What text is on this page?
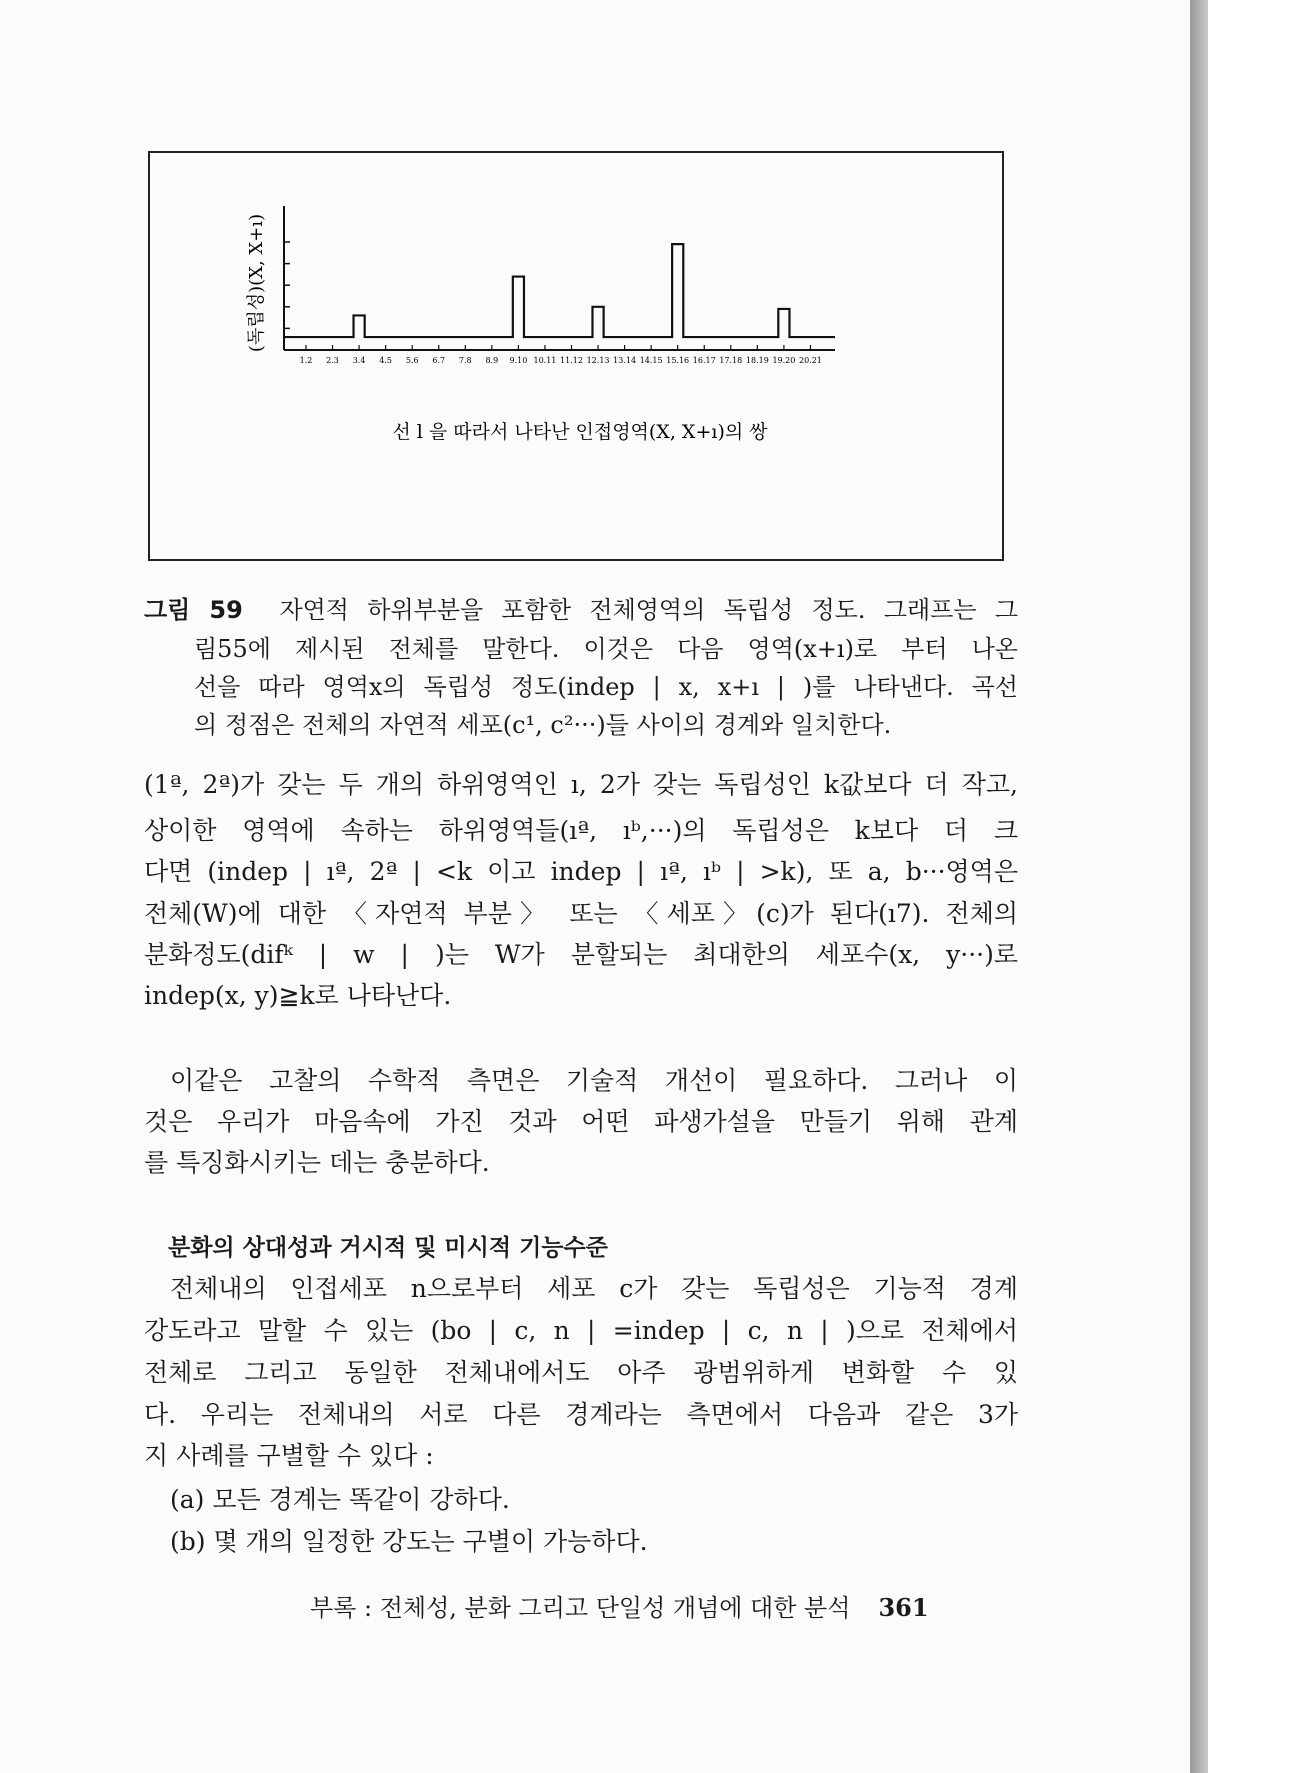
(독립성)(X, X+ı)
1.2 2.3 3.4 4.5 5.6 6.7 7.8 8.9 9.10 10.11 11.12 12.13 13.14 14.15 15.16 16.17 17.18 18.19 19.20 20.21
선 l 을 따라서 나타난 인접영역(X, X+ı)의 쌍
그림 59 자연적 하위부분을 포함한 전체영역의 독립성 정도. 그래프는 그
림55에 제시된 전체를 말한다. 이것은 다음 영역(x+ı)로 부터 나온
선을 따라 영역x의 독립성 정도(indep | x, x+ı | )를 나타낸다. 곡선
의 정점은 전체의 자연적 세포(c¹, c²···)들 사이의 경계와 일치한다.
(1ª, 2ª)가 갖는 두 개의 하위영역인 ı, 2가 갖는 독립성인 k값보다 더 작고,
상이한 영역에 속하는 하위영역들(ıª, ıᵇ,···)의 독립성은 k보다 더 크
다면 (indep | ıª, 2ª | <k 이고 indep | ıª, ıᵇ | >k), 또 a, b···영역은
전체(W)에 대한 〈자연적 부분〉 또는 〈세포〉(c)가 된다(ı7). 전체의
분화정도(difᵏ | w | )는 W가 분할되는 최대한의 세포수(x, y···)로
indep(x, y)≧k로 나타난다.
이같은 고찰의 수학적 측면은 기술적 개선이 필요하다. 그러나 이
것은 우리가 마음속에 가진 것과 어떤 파생가설을 만들기 위해 관계
를 특징화시키는 데는 충분하다.
분화의 상대성과 거시적 및 미시적 기능수준
전체내의 인접세포 n으로부터 세포 c가 갖는 독립성은 기능적 경계
강도라고 말할 수 있는 (bo | c, n | =indep | c, n | )으로 전체에서
전체로 그리고 동일한 전체내에서도 아주 광범위하게 변화할 수 있
다. 우리는 전체내의 서로 다른 경계라는 측면에서 다음과 같은 3가
지 사례를 구별할 수 있다 :
(a) 모든 경계는 똑같이 강하다.
(b) 몇 개의 일정한 강도는 구별이 가능하다.
부록 : 전체성, 분화 그리고 단일성 개념에 대한 분석 361
